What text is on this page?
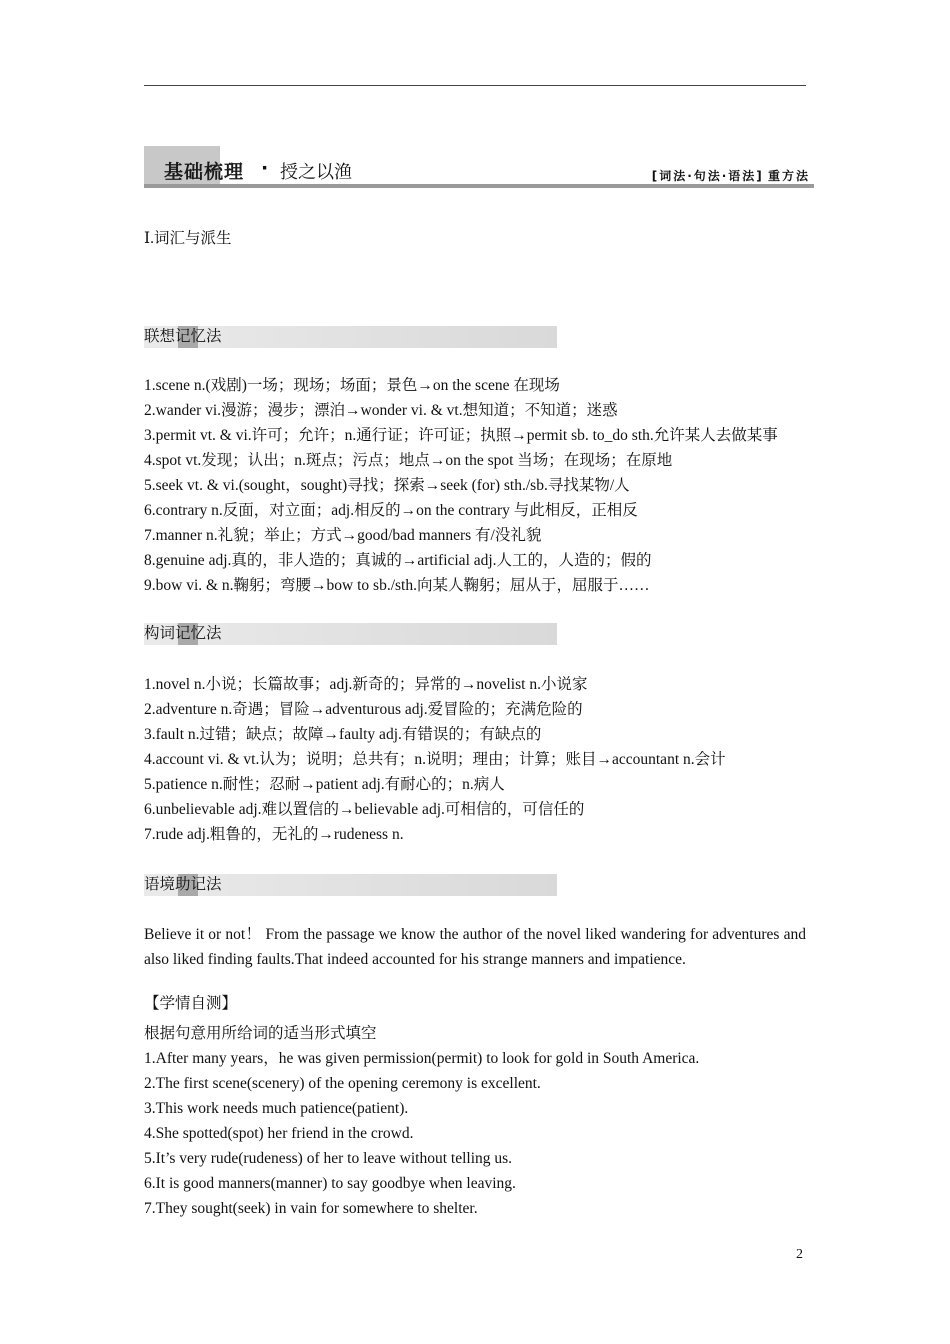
基础梳理 · 授之以渔	[词法·句法·语法] 重方法
Ⅰ.词汇与派生
联想记忆法
1.scene n.(戏剧)一场；现场；场面；景色→on the scene 在现场
2.wander vi.漫游；漫步；漂泊→wonder vi. & vt.想知道；不知道；迷惑
3.permit vt. & vi.许可；允许；n.通行证；许可证；执照→permit sb. to_do sth.允许某人去做某事
4.spot vt.发现；认出；n.斑点；污点；地点→on the spot 当场；在现场；在原地
5.seek vt. & vi.(sought，sought)寻找；探索→seek (for) sth./sb.寻找某物/人
6.contrary n.反面，对立面；adj.相反的→on the contrary 与此相反，正相反
7.manner n.礼貌；举止；方式→good/bad manners 有/没礼貌
8.genuine adj.真的，非人造的；真诚的→artificial adj.人工的，人造的；假的
9.bow vi. & n.鞠躬；弯腰→bow to sb./sth.向某人鞠躬；屈从于，屈服于……
构词记忆法
1.novel n.小说；长篇故事；adj.新奇的；异常的→novelist n.小说家
2.adventure n.奇遇；冒险→adventurous adj.爱冒险的；充满危险的
3.fault n.过错；缺点；故障→faulty adj.有错误的；有缺点的
4.account vi. & vt.认为；说明；总共有；n.说明；理由；计算；账目→accountant n.会计
5.patience n.耐性；忍耐→patient adj.有耐心的；n.病人
6.unbelievable adj.难以置信的→believable adj.可相信的，可信任的
7.rude adj.粗鲁的，无礼的→rudeness n.
语境助记法
Believe it or not！ From the passage we know the author of the novel liked wandering for adventures and also liked finding faults.That indeed accounted for his strange manners and impatience.
【学情自测】
根据句意用所给词的适当形式填空
1.After many years，he was given permission(permit) to look for gold in South America.
2.The first scene(scenery) of the opening ceremony is excellent.
3.This work needs much patience(patient).
4.She spotted(spot) her friend in the crowd.
5.It’s very rude(rudeness) of her to leave without telling us.
6.It is good manners(manner) to say goodbye when leaving.
7.They sought(seek) in vain for somewhere to shelter.
2
